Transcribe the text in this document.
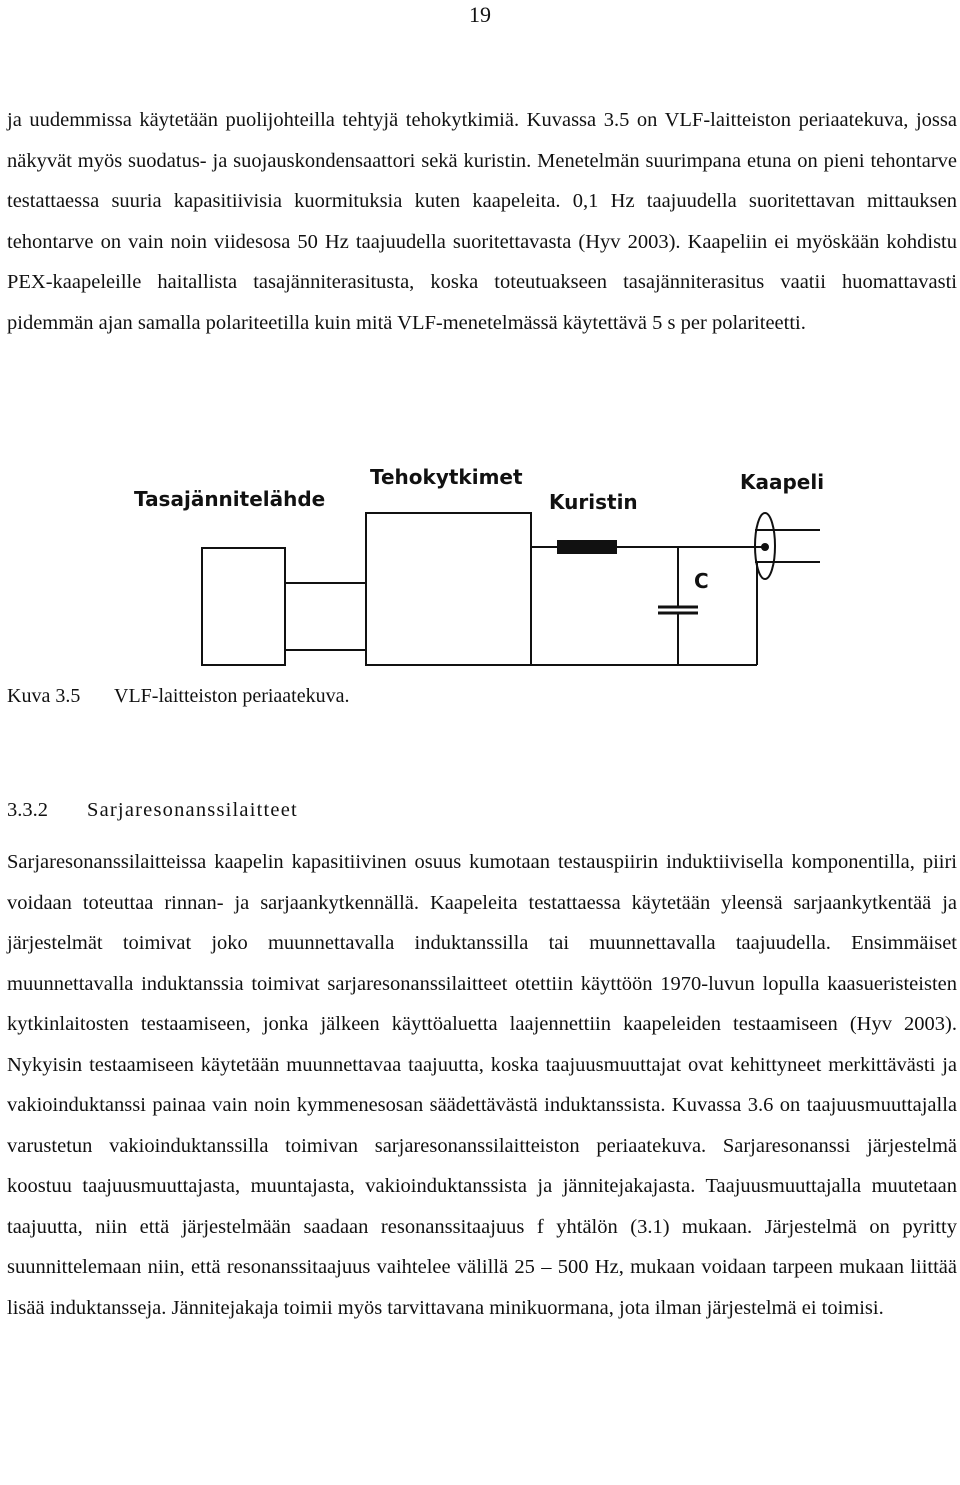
19

ja uudemmissa käytetään puolijohteilla tehtyjä tehokytkimiä. Kuvassa 3.5 on VLF-laitteiston periaatekuva, jossa näkyvät myös suodatus- ja suojauskondensaattori sekä kuristin. Menetelmän suurimpana etuna on pieni tehontarve testattaessa suuria kapasitiivisia kuormituksia kuten kaapeleita. 0,1 Hz taajuudella suoritettavan mittauksen tehontarve on vain noin viidesosa 50 Hz taajuudella suoritettavasta (Hyv 2003). Kaapeliin ei myöskään kohdistu PEX-kaapeleille haitallista tasajänniterasitusta, koska toteutuakseen tasajänniterasitus vaatii huomattavasti pidemmän ajan samalla polariteetilla kuin mitä VLF-menetelmässä käytettävä 5 s per polariteetti.

Tasajännitelähde
Tehokytkimet
Kuristin
Kaapeli
C
Kuva 3.5 VLF-laitteiston periaatekuva.
3.3.2 Sarjaresonanssilaitteet

Sarjaresonanssilaitteissa kaapelin kapasitiivinen osuus kumotaan testauspiirin induktiivisella komponentilla, piiri voidaan toteuttaa rinnan- ja sarjaankytkennällä. Kaapeleita testattaessa käytetään yleensä sarjaankytkentää ja järjestelmät toimivat joko muunnettavalla induktanssilla tai muunnettavalla taajuudella. Ensimmäiset muunnettavalla induktanssia toimivat sarjaresonanssilaitteet otettiin käyttöön 1970-luvun lopulla kaasueristeisten kytkinlaitosten testaamiseen, jonka jälkeen käyttöaluetta laajennettiin kaapeleiden testaamiseen (Hyv 2003). Nykyisin testaamiseen käytetään muunnettavaa taajuutta, koska taajuusmuuttajat ovat kehittyneet merkittävästi ja vakioinduktanssi painaa vain noin kymmenesosan säädettävästä induktanssista. Kuvassa 3.6 on taajuusmuuttajalla varustetun vakioinduktanssilla toimivan sarjaresonanssilaitteiston periaatekuva. Sarjaresonanssi järjestelmä koostuu taajuusmuuttajasta, muuntajasta, vakioinduktanssista ja jännitejakajasta. Taajuusmuuttajalla muutetaan taajuutta, niin että järjestelmään saadaan resonanssitaajuus f yhtälön (3.1) mukaan. Järjestelmä on pyritty suunnittelemaan niin, että resonanssitaajuus vaihtelee välillä 25 – 500 Hz, mukaan voidaan tarpeen mukaan liittää lisää induktansseja. Jännitejakaja toimii myös tarvittavana minikuormana, jota ilman järjestelmä ei toimisi.
